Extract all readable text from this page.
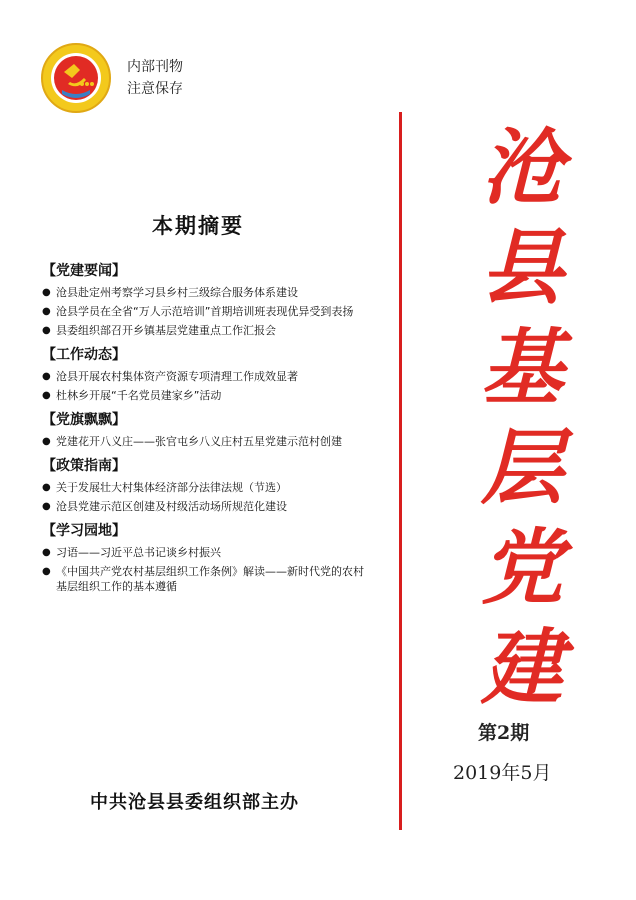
内部刊物
注意保存
本期摘要
【党建要闻】
● 沧县赴定州考察学习县乡村三级综合服务体系建设
● 沧县学员在全省“万人示范培训”首期培训班表现优异受到表扬
● 县委组织部召开乡镇基层党建重点工作汇报会
【工作动态】
● 沧县开展农村集体资产资源专项清理工作成效显著
● 杜林乡开展“千名党员建家乡”活动
【党旗飘飘】
● 党建花开八义庄——张官屯乡八义庄村五星党建示范村创建
【政策指南】
● 关于发展壮大村集体经济部分法律法规（节选）
● 沧县党建示范区创建及村级活动场所规范化建设
【学习园地】
● 习语——习近平总书记谈乡村振兴
● 《中国共产党农村基层组织工作条例》解读——新时代党的农村基层组织工作的基本遵循
沧
县
基
层
党
建
第2期
2019年5月
中共沧县县委组织部主办
